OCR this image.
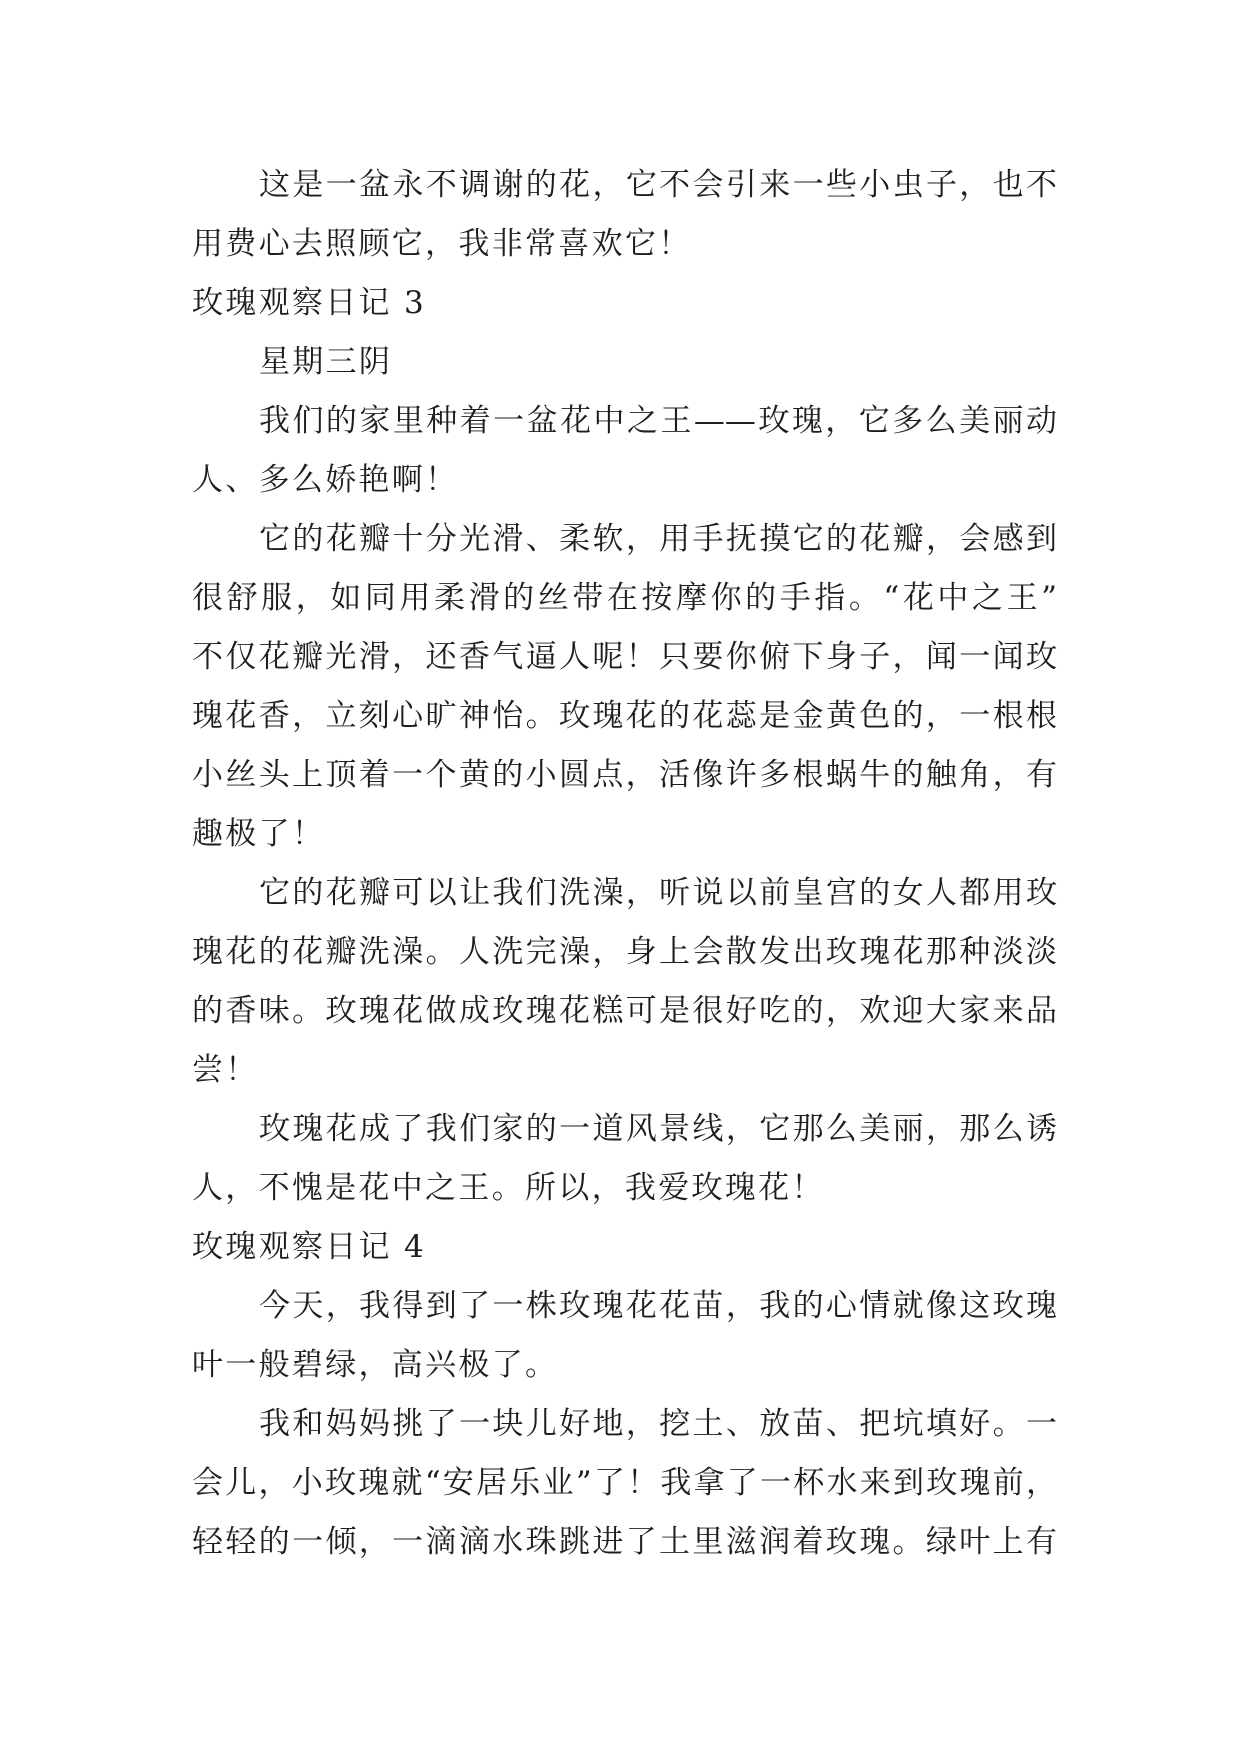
这是一盆永不调谢的花，它不会引来一些小虫子，也不
用费心去照顾它，我非常喜欢它！
玫瑰观察日记 3
星期三阴
我们的家里种着一盆花中之王——玫瑰，它多么美丽动
人、多么娇艳啊！
它的花瓣十分光滑、柔软，用手抚摸它的花瓣，会感到
很舒服，如同用柔滑的丝带在按摩你的手指。“花中之王”
不仅花瓣光滑，还香气逼人呢！只要你俯下身子，闻一闻玫
瑰花香，立刻心旷神怡。玫瑰花的花蕊是金黄色的，一根根
小丝头上顶着一个黄的小圆点，活像许多根蜗牛的触角，有
趣极了！
它的花瓣可以让我们洗澡，听说以前皇宫的女人都用玫
瑰花的花瓣洗澡。人洗完澡，身上会散发出玫瑰花那种淡淡
的香味。玫瑰花做成玫瑰花糕可是很好吃的，欢迎大家来品
尝！
玫瑰花成了我们家的一道风景线，它那么美丽，那么诱
人，不愧是花中之王。所以，我爱玫瑰花！
玫瑰观察日记 4
今天，我得到了一株玫瑰花花苗，我的心情就像这玫瑰
叶一般碧绿，高兴极了。
我和妈妈挑了一块儿好地，挖土、放苗、把坑填好。一
会儿，小玫瑰就“安居乐业”了！我拿了一杯水来到玫瑰前，
轻轻的一倾，一滴滴水珠跳进了土里滋润着玫瑰。绿叶上有
